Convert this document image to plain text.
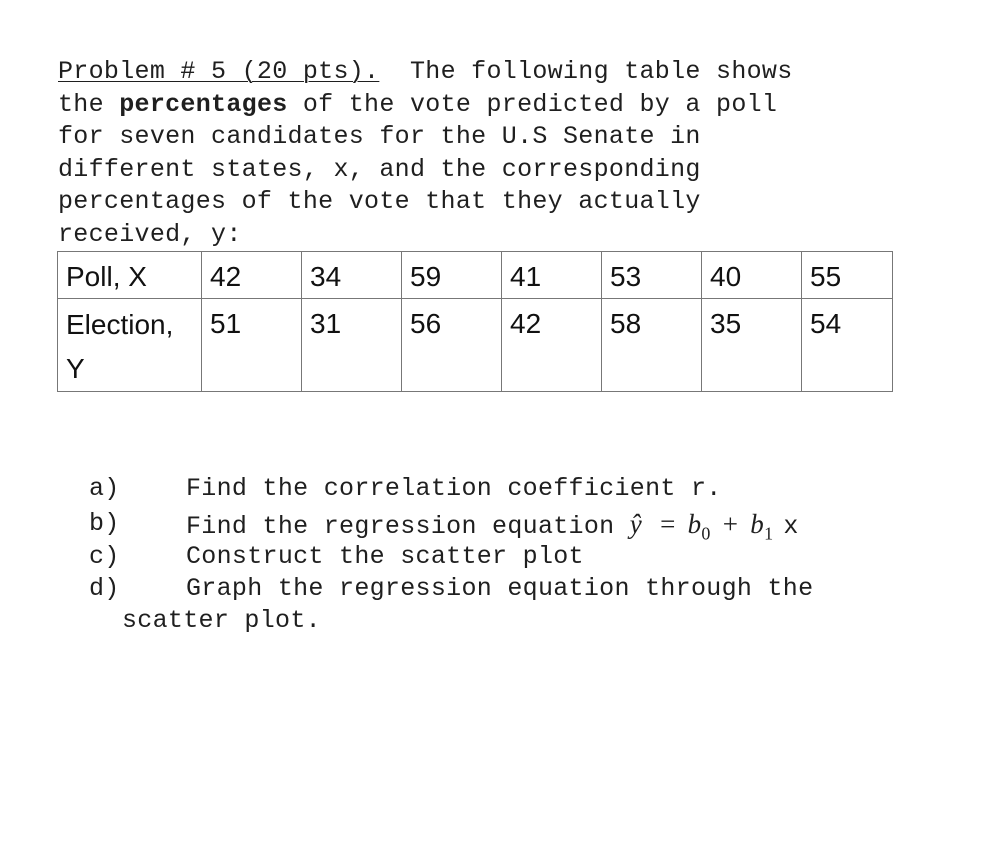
Problem # 5 (20 pts).  The following table shows
the percentages of the vote predicted by a poll
for seven candidates for the U.S Senate in
different states, x, and the corresponding
percentages of the vote that they actually
received, y:
Poll, X	42	34	59	41	53	40	55

Election,
Y	51	31	56	42	58	35	54
a)	Find the correlation coefficient r.
b)	Find the regression equation ŷ = $b_0 + b_1$ x
c)	Construct the scatter plot
d)	Graph the regression equation through the
scatter plot.
